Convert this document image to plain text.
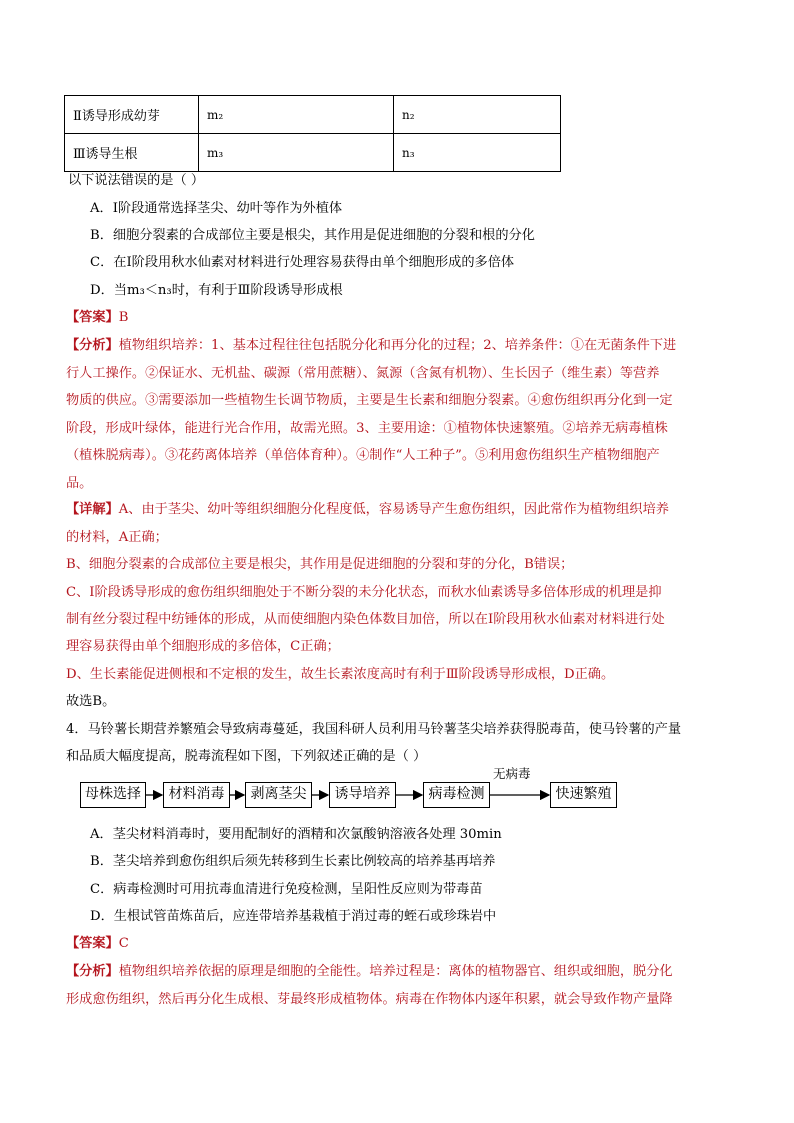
Ⅱ诱导形成幼芽	m₂	n₂
Ⅲ诱导生根	m₃	n₃
以下说法错误的是（ ）
A．Ⅰ阶段通常选择茎尖、幼叶等作为外植体
B．细胞分裂素的合成部位主要是根尖，其作用是促进细胞的分裂和根的分化
C．在Ⅰ阶段用秋水仙素对材料进行处理容易获得由单个细胞形成的多倍体
D．当m₃＜n₃时，有利于Ⅲ阶段诱导形成根
【答案】B
【分析】植物组织培养：1、基本过程往往包括脱分化和再分化的过程；2、培养条件：①在无菌条件下进
行人工操作。②保证水、无机盐、碳源（常用蔗糖）、氮源（含氮有机物）、生长因子（维生素）等营养
物质的供应。③需要添加一些植物生长调节物质，主要是生长素和细胞分裂素。④愈伤组织再分化到一定
阶段，形成叶绿体，能进行光合作用，故需光照。3、主要用途：①植物体快速繁殖。②培养无病毒植株
（植株脱病毒）。③花药离体培养（单倍体育种）。④制作“人工种子”。⑤利用愈伤组织生产植物细胞产
品。
【详解】A、由于茎尖、幼叶等组织细胞分化程度低，容易诱导产生愈伤组织，因此常作为植物组织培养
的材料，A正确；
B、细胞分裂素的合成部位主要是根尖，其作用是促进细胞的分裂和芽的分化，B错误；
C、Ⅰ阶段诱导形成的愈伤组织细胞处于不断分裂的未分化状态，而秋水仙素诱导多倍体形成的机理是抑
制有丝分裂过程中纺锤体的形成，从而使细胞内染色体数目加倍，所以在Ⅰ阶段用秋水仙素对材料进行处
理容易获得由单个细胞形成的多倍体，C正确；
D、生长素能促进侧根和不定根的发生，故生长素浓度高时有利于Ⅲ阶段诱导形成根，D正确。
故选B。
4．马铃薯长期营养繁殖会导致病毒蔓延，我国科研人员利用马铃薯茎尖培养获得脱毒苗，使马铃薯的产量
和品质大幅度提高，脱毒流程如下图，下列叙述正确的是（ ）
母株选择	材料消毒	剥离茎尖	诱导培养	病毒检测	快速繁殖
无病毒
A．茎尖材料消毒时，要用配制好的酒精和次氯酸钠溶液各处理 30min
B．茎尖培养到愈伤组织后须先转移到生长素比例较高的培养基再培养
C．病毒检测时可用抗毒血清进行免疫检测，呈阳性反应则为带毒苗
D．生根试管苗炼苗后，应连带培养基栽植于消过毒的蛭石或珍珠岩中
【答案】C
【分析】植物组织培养依据的原理是细胞的全能性。培养过程是：离体的植物器官、组织或细胞，脱分化
形成愈伤组织，然后再分化生成根、芽最终形成植物体。病毒在作物体内逐年积累，就会导致作物产量降
